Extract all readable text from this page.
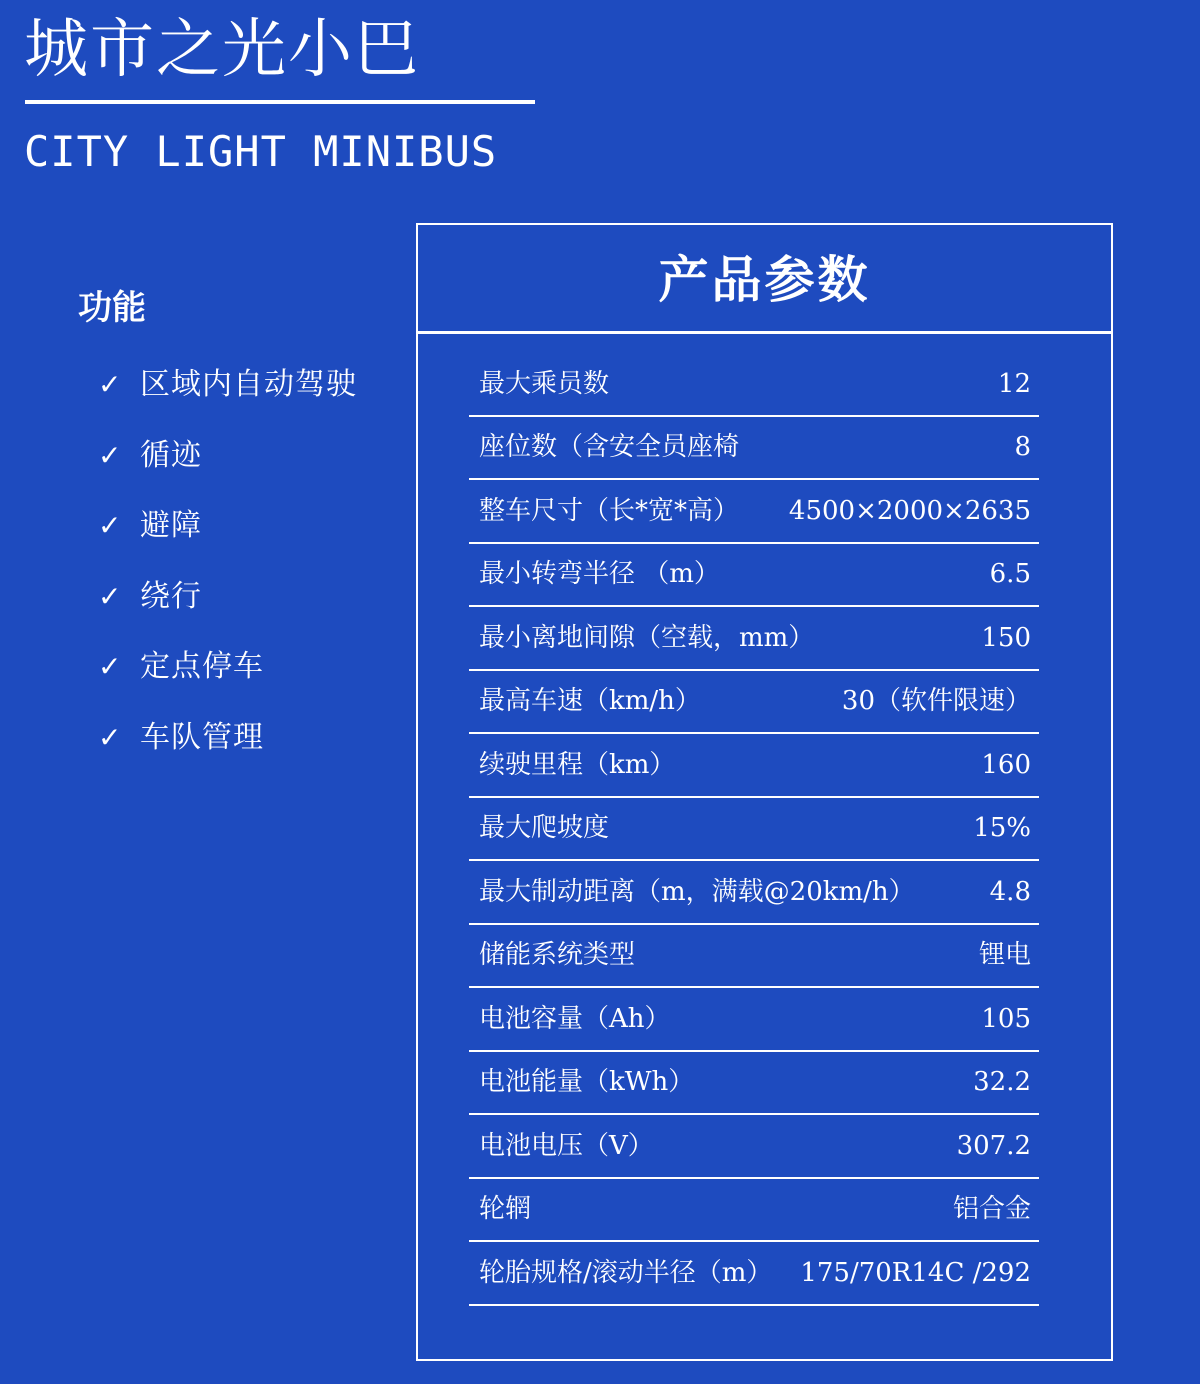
城市之光小巴
CITY LIGHT MINIBUS
功能
✓ 区域内自动驾驶
✓ 循迹
✓ 避障
✓ 绕行
✓ 定点停车
✓ 车队管理
产品参数
最大乘员数	12
座位数（含安全员座椅	8
整车尺寸（长*宽*高） 4500×2000×2635
最小转弯半径 （m）	6.5
最小离地间隙（空载，mm）	150
最高车速（km/h）	30（软件限速）
续驶里程（km）	160
最大爬坡度	15%
最大制动距离（m，满载@20km/h）	4.8
储能系统类型	锂电
电池容量（Ah）	105
电池能量（kWh）	32.2
电池电压（V）	307.2
轮辋	铝合金
轮胎规格/滚动半径（m） 175/70R14C /292
